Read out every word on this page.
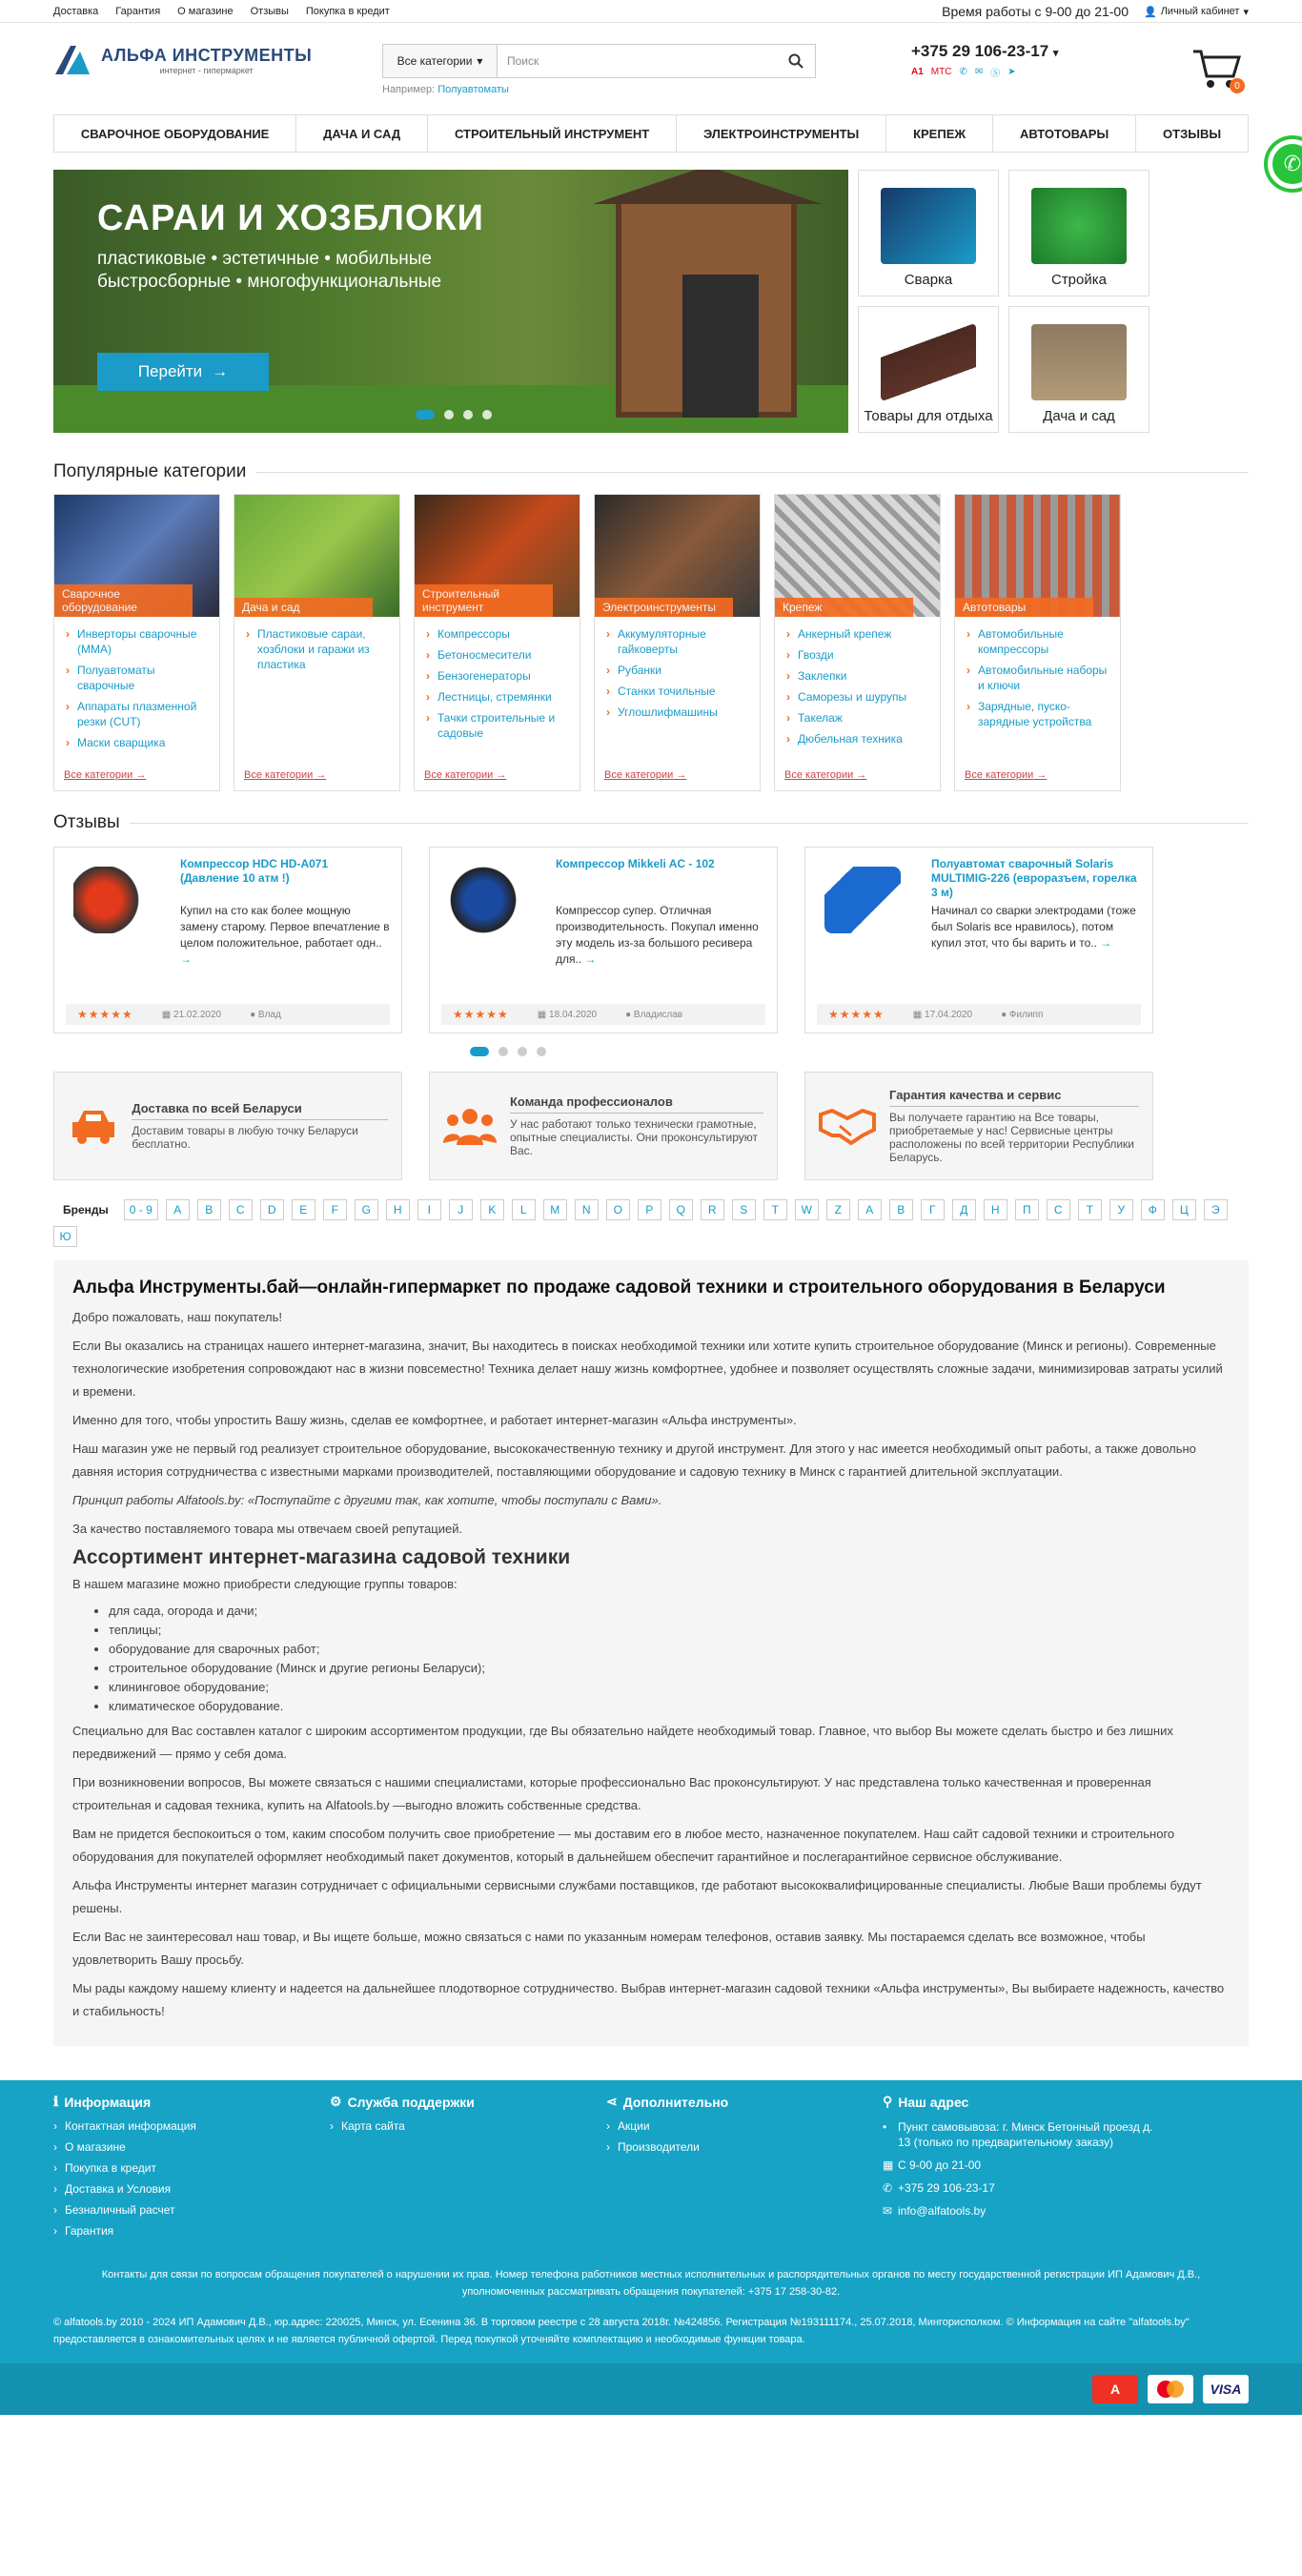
Доставка Гарантия О магазине Отзывы Покупка в кредит	Время работы с 9-00 до 21-00 👤 Личный кабинет ▾
АЛЬФА ИНСТРУМЕНТЫ
интернет - гипермаркет
Все категории ▾	Поиск
Например: Полуавтоматы
+375 29 106-23-17 ▾
A1 МТС ✆ ✉ Ⓢ ➤
0
СВАРОЧНОЕ ОБОРУДОВАНИЕ	ДАЧА И САД	СТРОИТЕЛЬНЫЙ ИНСТРУМЕНТ	ЭЛЕКТРОИНСТРУМЕНТЫ	КРЕПЕЖ	АВТОТОВАРЫ	ОТЗЫВЫ
✆
САРАИ И ХОЗБЛОКИ
пластиковые • эстетичные • мобильные
быстросборные • многофункциональные
Перейти →
Сварка	Стройка
Товары для отдыха	Дача и сад
Популярные категории
Сварочное оборудование
› Инверторы сварочные (MMA)
› Полуавтоматы сварочные
› Аппараты плазменной резки (CUT)
› Маски сварщика
Все категории →
Дача и сад
› Пластиковые сараи, хозблоки и гаражи из пластика
Все категории →
Строительный инструмент
› Компрессоры
› Бетоносмесители
› Бензогенераторы
› Лестницы, стремянки
› Тачки строительные и садовые
Все категории →
Электроинструменты
› Аккумуляторные гайковерты
› Рубанки
› Станки точильные
› Углошлифмашины
Все категории →
Крепеж
› Анкерный крепеж
› Гвозди
› Заклепки
› Саморезы и шурупы
› Такелаж
› Дюбельная техника
Все категории →
Автотовары
› Автомобильные компрессоры
› Автомобильные наборы и ключи
› Зарядные, пуско-зарядные устройства
Все категории →
Отзывы
Компрессор HDC HD-A071 (Давление 10 атм !)
Купил на сто как более мощную замену старому. Первое впечатление в целом положительное, работает одн.. →
★★★★★	▦ 21.02.2020	● Влад
Компрессор Mikkeli AC - 102
Компрессор супер. Отличная производительность. Покупал именно эту модель из-за большого ресивера для.. →
★★★★★	▦ 18.04.2020	● Владислав
Полуавтомат сварочный Solaris MULTIMIG-226 (евроразъем, горелка 3 м)
Начинал со сварки электродами (тоже был Solaris все нравилось), потом купил этот, что бы варить и то.. →
★★★★★	▦ 17.04.2020	● Филипп
Доставка по всей Беларуси
Доставим товары в любую точку Беларуси бесплатно.
Команда профессионалов
У нас работают только технически грамотные, опытные специалисты. Они проконсультируют Вас.
Гарантия качества и сервис
Вы получаете гарантию на Все товары, приобретаемые у нас! Сервисные центры расположены по всей территории Республики Беларусь.
Бренды	0 - 9	A	B	C	D	E	F	G	H	I	J	K	L	M	N	O	P	Q	R	S	T	W	Z	А	В	Г	Д	Н	П	С	Т	У	Ф	Ц	Э
Ю
Альфа Инструменты.бай—онлайн-гипермаркет по продаже садовой техники и строительного оборудования в Беларуси

Добро пожаловать, наш покупатель!

Если Вы оказались на страницах нашего интернет-магазина, значит, Вы находитесь в поисках необходимой техники или хотите купить строительное оборудование (Минск и регионы). Современные технологические изобретения сопровождают нас в жизни повсеместно! Техника делает нашу жизнь комфортнее, удобнее и позволяет осуществлять сложные задачи, минимизировав затраты усилий и времени.

Именно для того, чтобы упростить Вашу жизнь, сделав ее комфортнее, и работает интернет-магазин «Альфа инструменты».

Наш магазин уже не первый год реализует строительное оборудование, высококачественную технику и другой инструмент. Для этого у нас имеется необходимый опыт работы, а также довольно давняя история сотрудничества с известными марками производителей, поставляющими оборудование и садовую технику в Минск с гарантией длительной эксплуатации.

Принцип работы Alfatools.by: «Поступайте с другими так, как хотите, чтобы поступали с Вами».

За качество поставляемого товара мы отвечаем своей репутацией.

Ассортимент интернет-магазина садовой техники

В нашем магазине можно приобрести следующие группы товаров:

• для сада, огорода и дачи;
• теплицы;
• оборудование для сварочных работ;
• строительное оборудование (Минск и другие регионы Беларуси);
• клининговое оборудование;
• климатическое оборудование.

Специально для Вас составлен каталог с широким ассортиментом продукции, где Вы обязательно найдете необходимый товар. Главное, что выбор Вы можете сделать быстро и без лишних передвижений — прямо у себя дома.

При возникновении вопросов, Вы можете связаться с нашими специалистами, которые профессионально Вас проконсультируют. У нас представлена только качественная и проверенная строительная и садовая техника, купить на Alfatools.by —выгодно вложить собственные средства.

Вам не придется беспокоиться о том, каким способом получить свое приобретение — мы доставим его в любое место, назначенное покупателем. Наш сайт садовой техники и строительного оборудования для покупателей оформляет необходимый пакет документов, который в дальнейшем обеспечит гарантийное и послегарантийное сервисное обслуживание.

Альфа Инструменты интернет магазин сотрудничает с официальными сервисными службами поставщиков, где работают высококвалифицированные специалисты. Любые Ваши проблемы будут решены.

Если Вас не заинтересовал наш товар, и Вы ищете больше, можно связаться с нами по указанным номерам телефонов, оставив заявку. Мы постараемся сделать все возможное, чтобы удовлетворить Вашу просьбу.

Мы рады каждому нашему клиенту и надеется на дальнейшее плодотворное сотрудничество. Выбрав интернет-магазин садовой техники «Альфа инструменты», Вы выбираете надежность, качество и стабильность!

ℹ Информация
› Контактная информация
› О магазине
› Покупка в кредит
› Доставка и Условия
› Безналичный расчет
› Гарантия
⚙ Служба поддержки
› Карта сайта
⋖ Дополнительно
› Акции
› Производители
⚲ Наш адрес
• Пункт самовывоза: г. Минск Бетонный проезд д. 13 (только по предварительному заказу)
▦ С 9-00 до 21-00
✆ +375 29 106-23-17
✉ info@alfatools.by
Контакты для связи по вопросам обращения покупателей о нарушении их прав. Номер телефона работников местных исполнительных и распорядительных органов по месту государственной регистрации ИП Адамович Д.В., уполномоченных рассматривать обращения покупателей: +375 17 258-30-82.
© alfatools.by 2010 - 2024 ИП Адамович Д.В., юр.адрес: 220025, Минск, ул. Есенина 36. В торговом реестре с 28 августа 2018г. №424856. Регистрация №193111174., 25.07.2018, Мингорисполком. © Информация на сайте "alfatools.by" предоставляется в ознакомительных целях и не является публичной офертой. Перед покупкой уточняйте комплектацию и необходимые функции товара.
А	VISA
